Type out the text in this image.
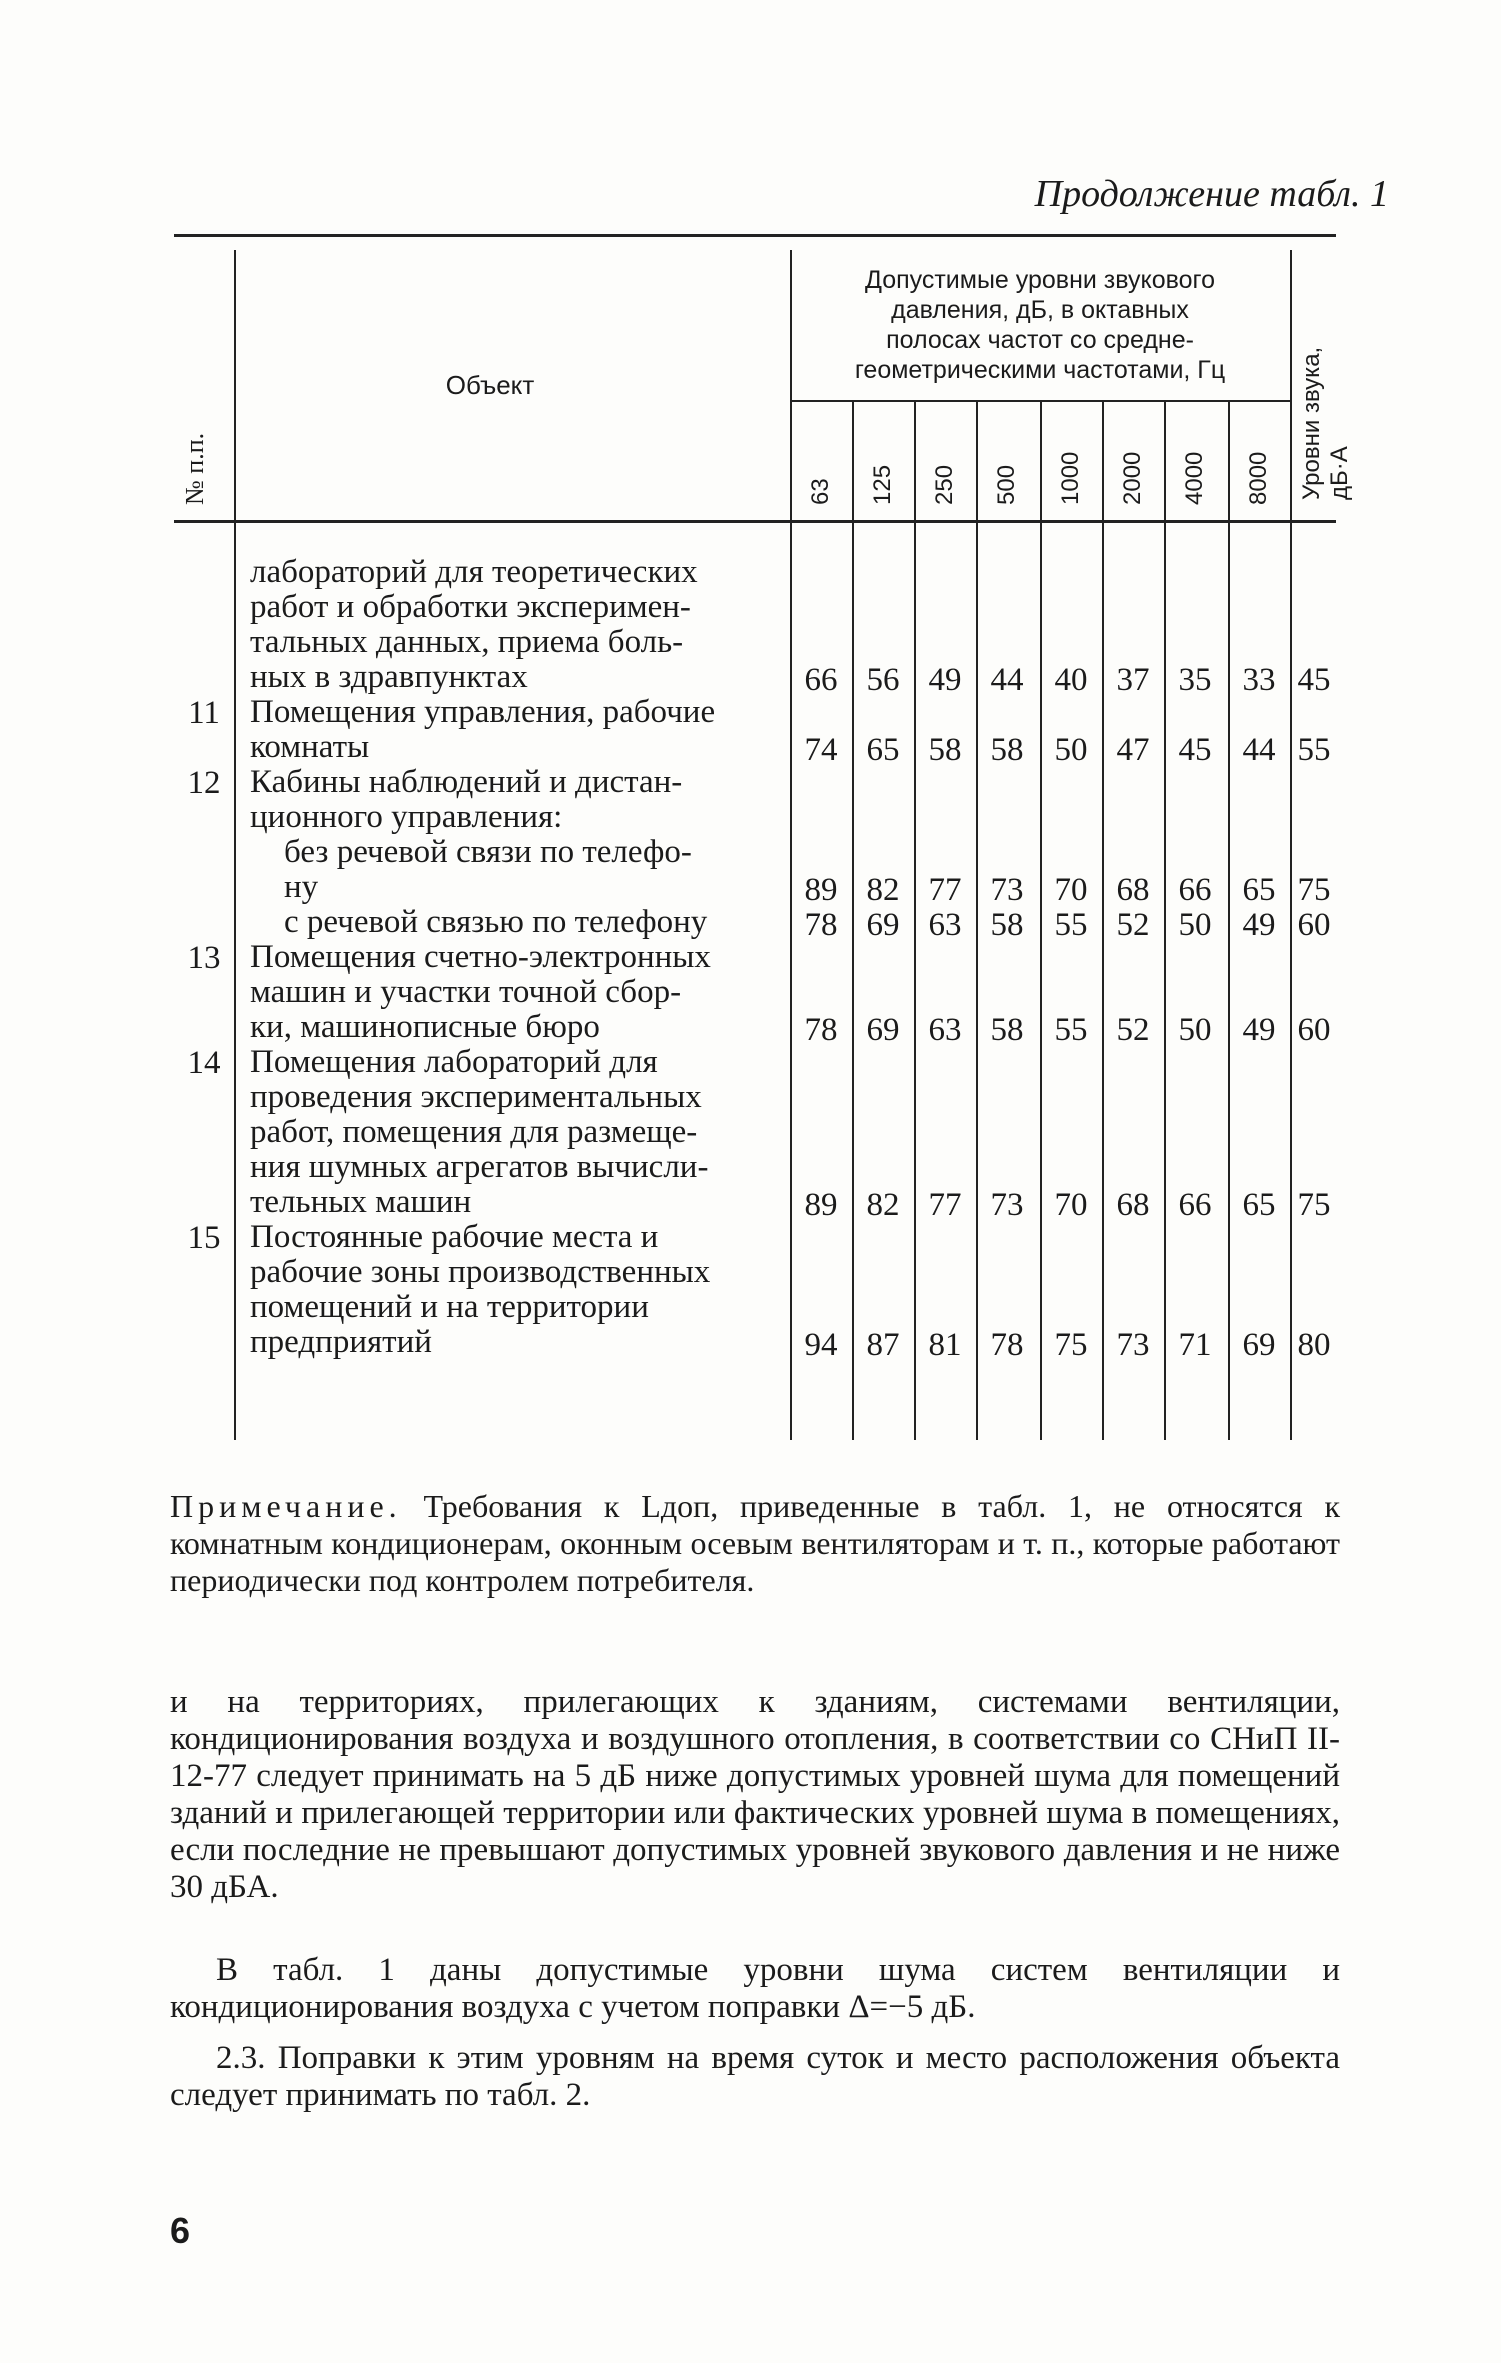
Продолжение табл. 1
Примечание. Требования к Lдоп, приведенные в табл. 1, не относятся к комнатным кондиционерам, оконным осевым вентиляторам и т. п., которые работают периодически под контролем потребителя.
и на территориях, прилегающих к зданиям, системами вентиляции, кондиционирования воздуха и воздушного отопления, в соответствии со СНиП II-12-77 следует принимать на 5 дБ ниже допустимых уровней шума для помещений зданий и прилегающей территории или фактических уровней шума в помещениях, если последние не превышают допустимых уровней звукового давления и не ниже 30 дБА.
В табл. 1 даны допустимые уровни шума систем вентиляции и кондиционирования воздуха с учетом поправки Δ=−5 дБ.
2.3. Поправки к этим уровням на время суток и место расположения объекта следует принимать по табл. 2.
6
Допустимые уровни звукового
давления, дБ, в октавных
полосах частот со средне-
геометрическими частотами, Гц	Уровни звука, дБ·А
№ п.п.
Объект
63 125 250 500 1000 2000 4000 8000
лабораторий для теоретических
работ и обработки эксперимен-
тальных данных, приема боль-
ных в здравпунктах
Помещения управления, рабочие
комнаты
Кабины наблюдений и дистан-
ционного управления:
без речевой связи по телефо-
ну
с речевой связью по телефону
Помещения счетно-электронных
машин и участки точной сбор-
ки, машинописные бюро
Помещения лабораторий для
проведения экспериментальных
работ, помещения для размеще-
ния шумных агрегатов вычисли-
тельных машин
Постоянные рабочие места и
рабочие зоны производственных
помещений и на территории
предприятий
11
12
13
14
15
66 56 49 44 40 37 35 33 45
74 65 58 58 50 47 45 44 55
89 82 77 73 70 68 66 65 75
78 69 63 58 55 52 50 49 60
78 69 63 58 55 52 50 49 60
89 82 77 73 70 68 66 65 75
94 87 81 78 75 73 71 69 80
